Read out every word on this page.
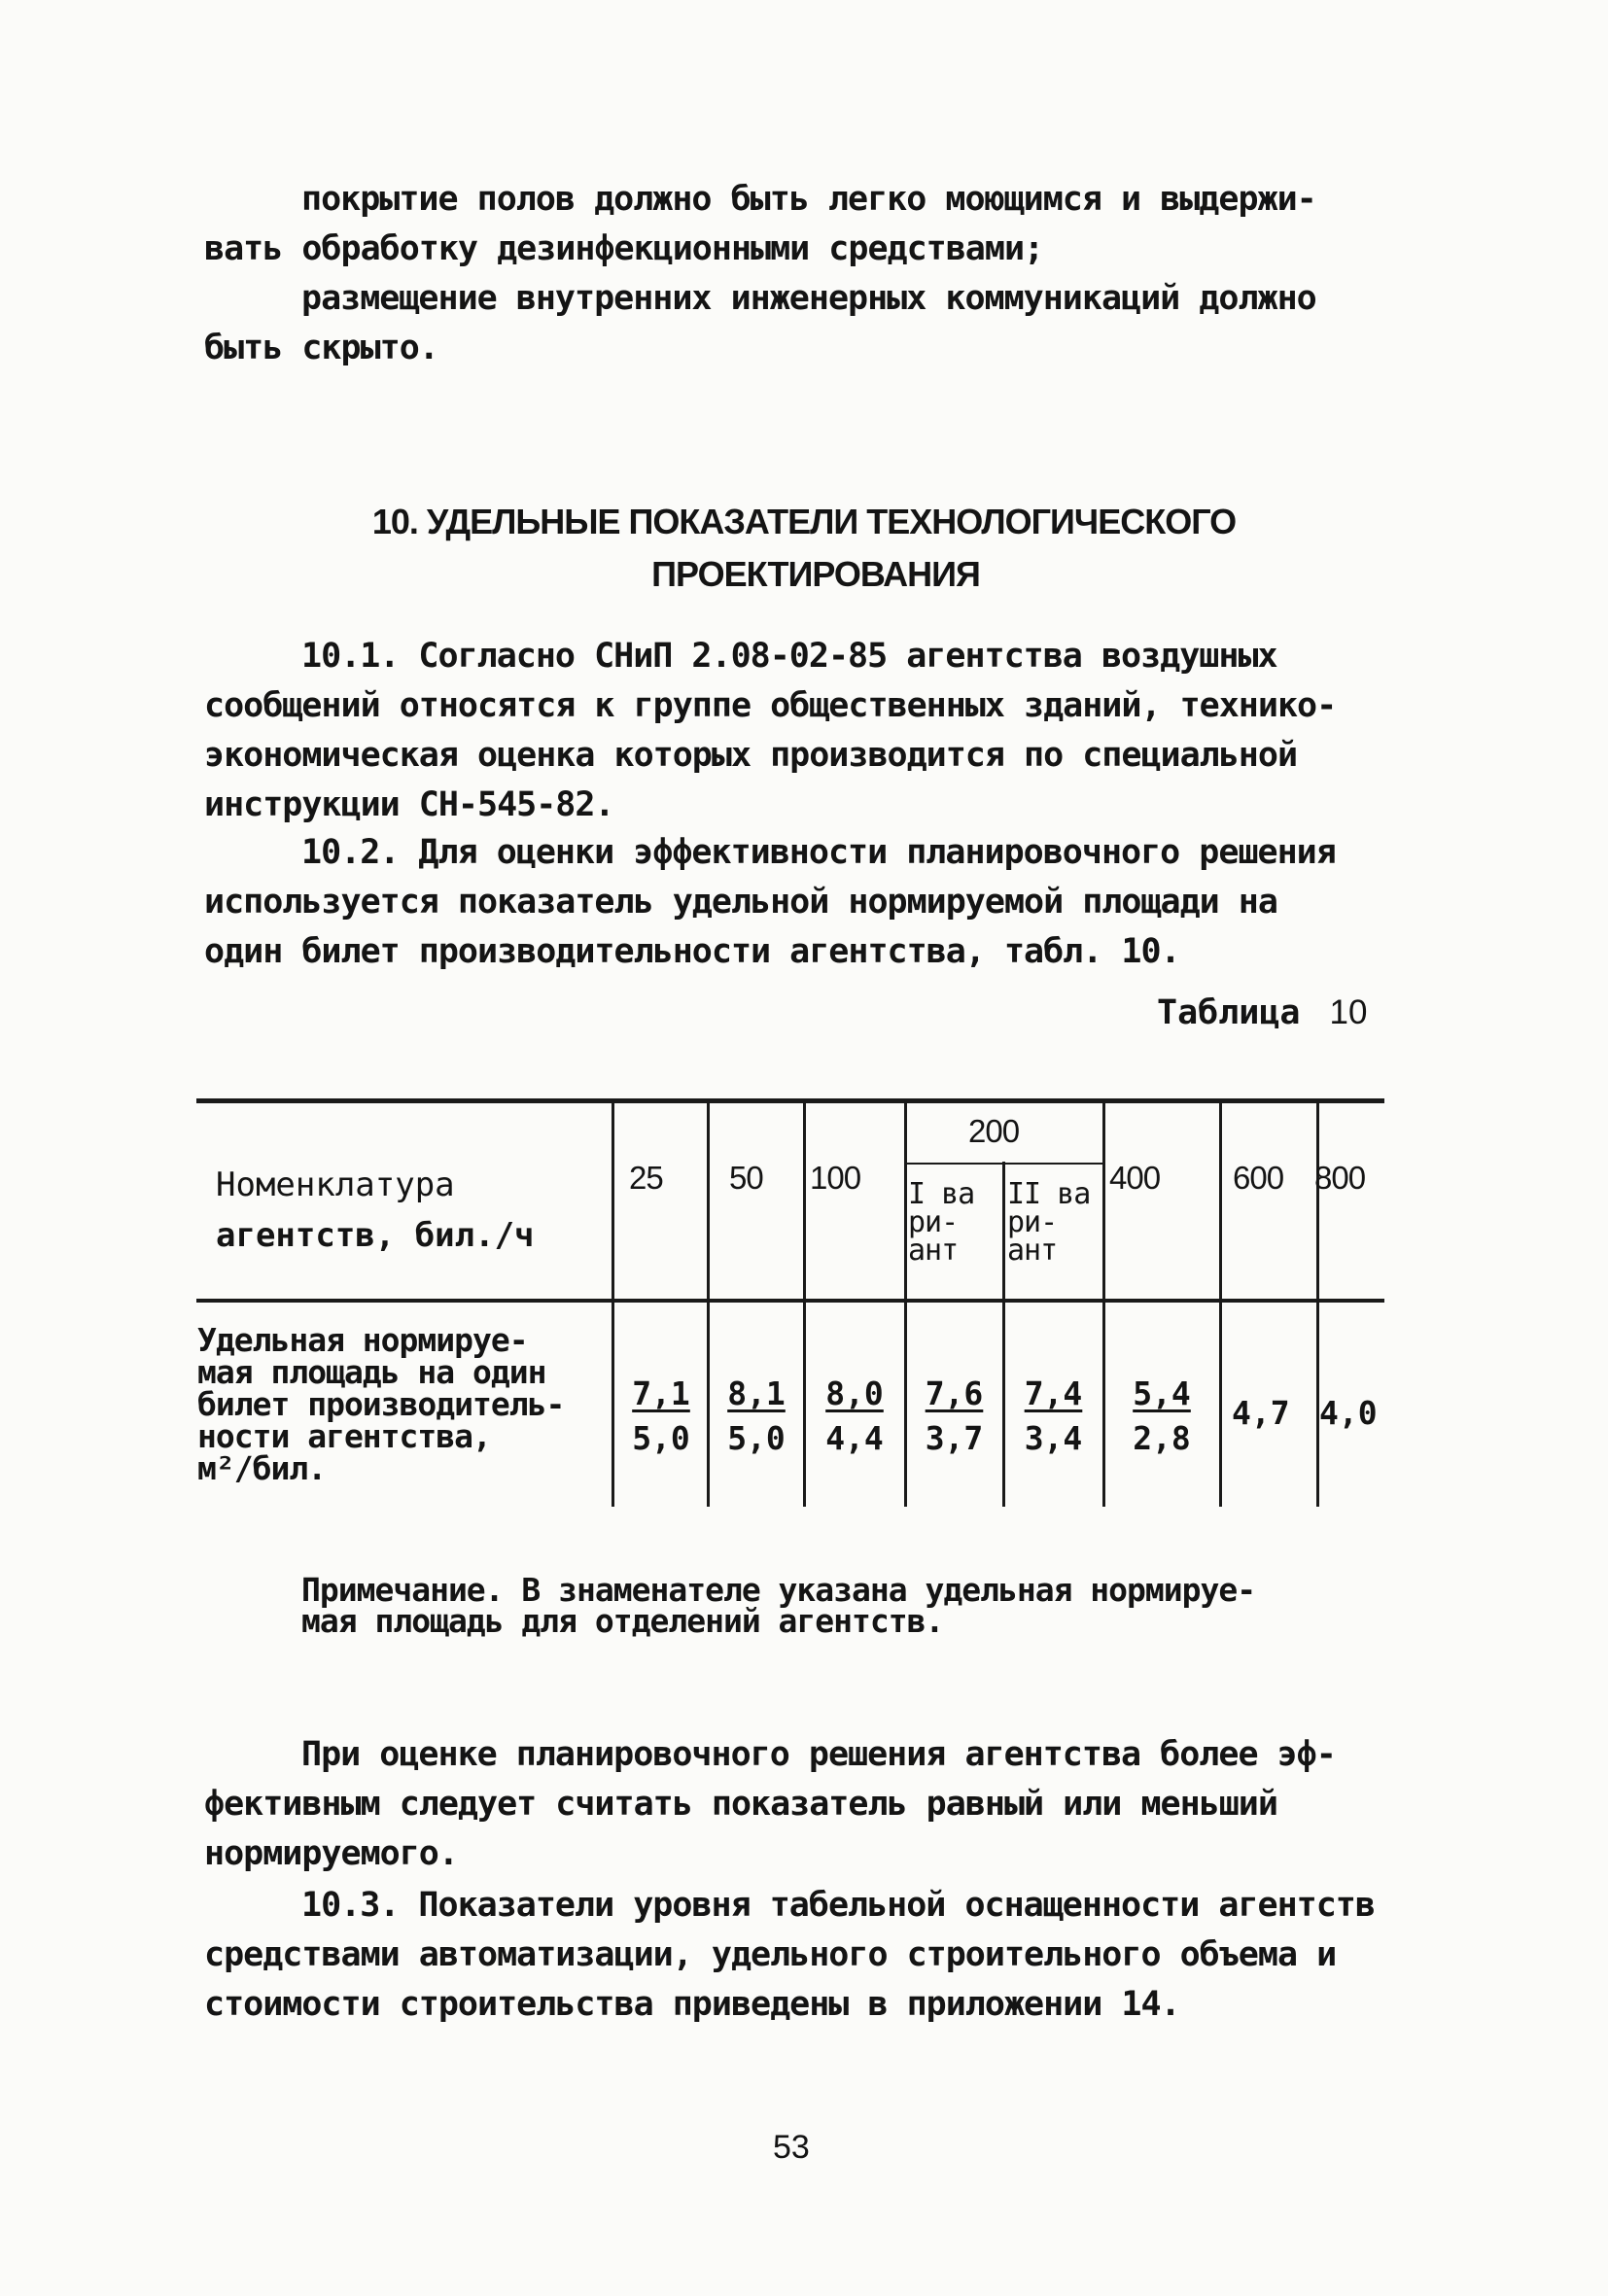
покрытие полов должно быть легко моющимся и выдержи-
вать обработку дезинфекционными средствами;
размещение внутренних инженерных коммуникаций должно
быть скрыто.
10. УДЕЛЬНЫЕ ПОКАЗАТЕЛИ ТЕХНОЛОГИЧЕСКОГО
ПРОЕКТИРОВАНИЯ
10.1. Согласно СНиП 2.08-02-85 агентства воздушных
сообщений относятся к группе общественных зданий, технико-
экономическая оценка которых производится по специальной
инструкции СН-545-82.
10.2. Для оценки эффективности планировочного решения
используется показатель удельной нормируемой площади на
один билет производительности агентства, табл. 10.
Таблица 10
Номенклатура
агентств, бил./ч
25 50 100
200
400 600 800
I ва ри- ант
II ва ри- ант
Удельная нормируе-
мая площадь на один
билет производитель-
ности агентства,
м²/бил.
$\frac{7,1}{5,0} \frac{8,1}{5,0} \frac{8,0}{4,4} \frac{7,6}{3,7} \frac{7,4}{3,4} \frac{5,4}{2,8} 4,7$ 4,0
Примечание. В знаменателе указана удельная нормируе-
мая площадь для отделений агентств.
При оценке планировочного решения агентства более эф-
фективным следует считать показатель равный или меньший
нормируемого.
10.3. Показатели уровня табельной оснащенности агентств
средствами автоматизации, удельного строительного объема и
стоимости строительства приведены в приложении 14.
53
